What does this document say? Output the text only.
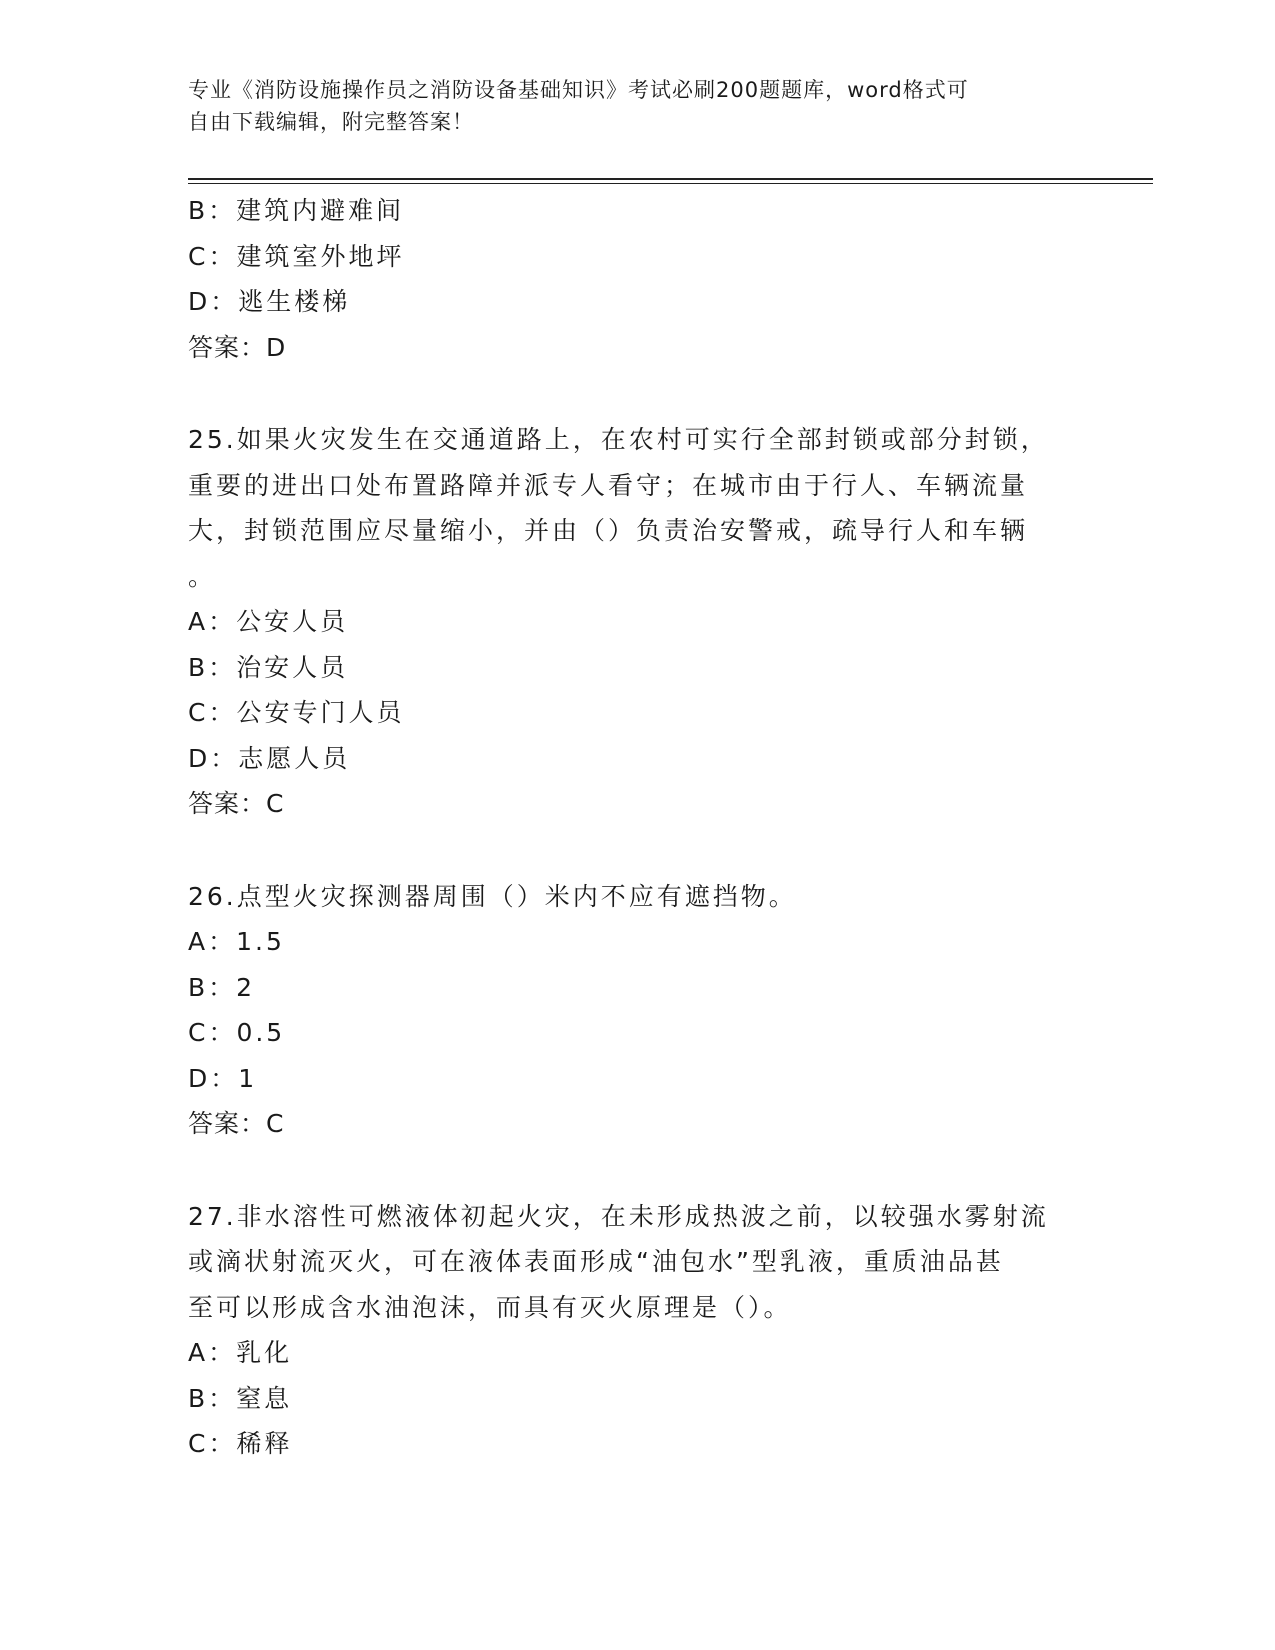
专业《消防设施操作员之消防设备基础知识》考试必刷200题题库，word格式可
自由下载编辑，附完整答案！
B：建筑内避难间
C：建筑室外地坪
D：逃生楼梯
答案：D
25.如果火灾发生在交通道路上，在农村可实行全部封锁或部分封锁，
重要的进出口处布置路障并派专人看守；在城市由于行人、车辆流量
大，封锁范围应尽量缩小，并由（）负责治安警戒，疏导行人和车辆
。
A：公安人员
B：治安人员
C：公安专门人员
D：志愿人员
答案：C
26.点型火灾探测器周围（）米内不应有遮挡物。
A：1.5
B：2
C：0.5
D：1
答案：C
27.非水溶性可燃液体初起火灾，在未形成热波之前，以较强水雾射流
或滴状射流灭火，可在液体表面形成“油包水”型乳液，重质油品甚
至可以形成含水油泡沫，而具有灭火原理是（）。
A：乳化
B：窒息
C：稀释
